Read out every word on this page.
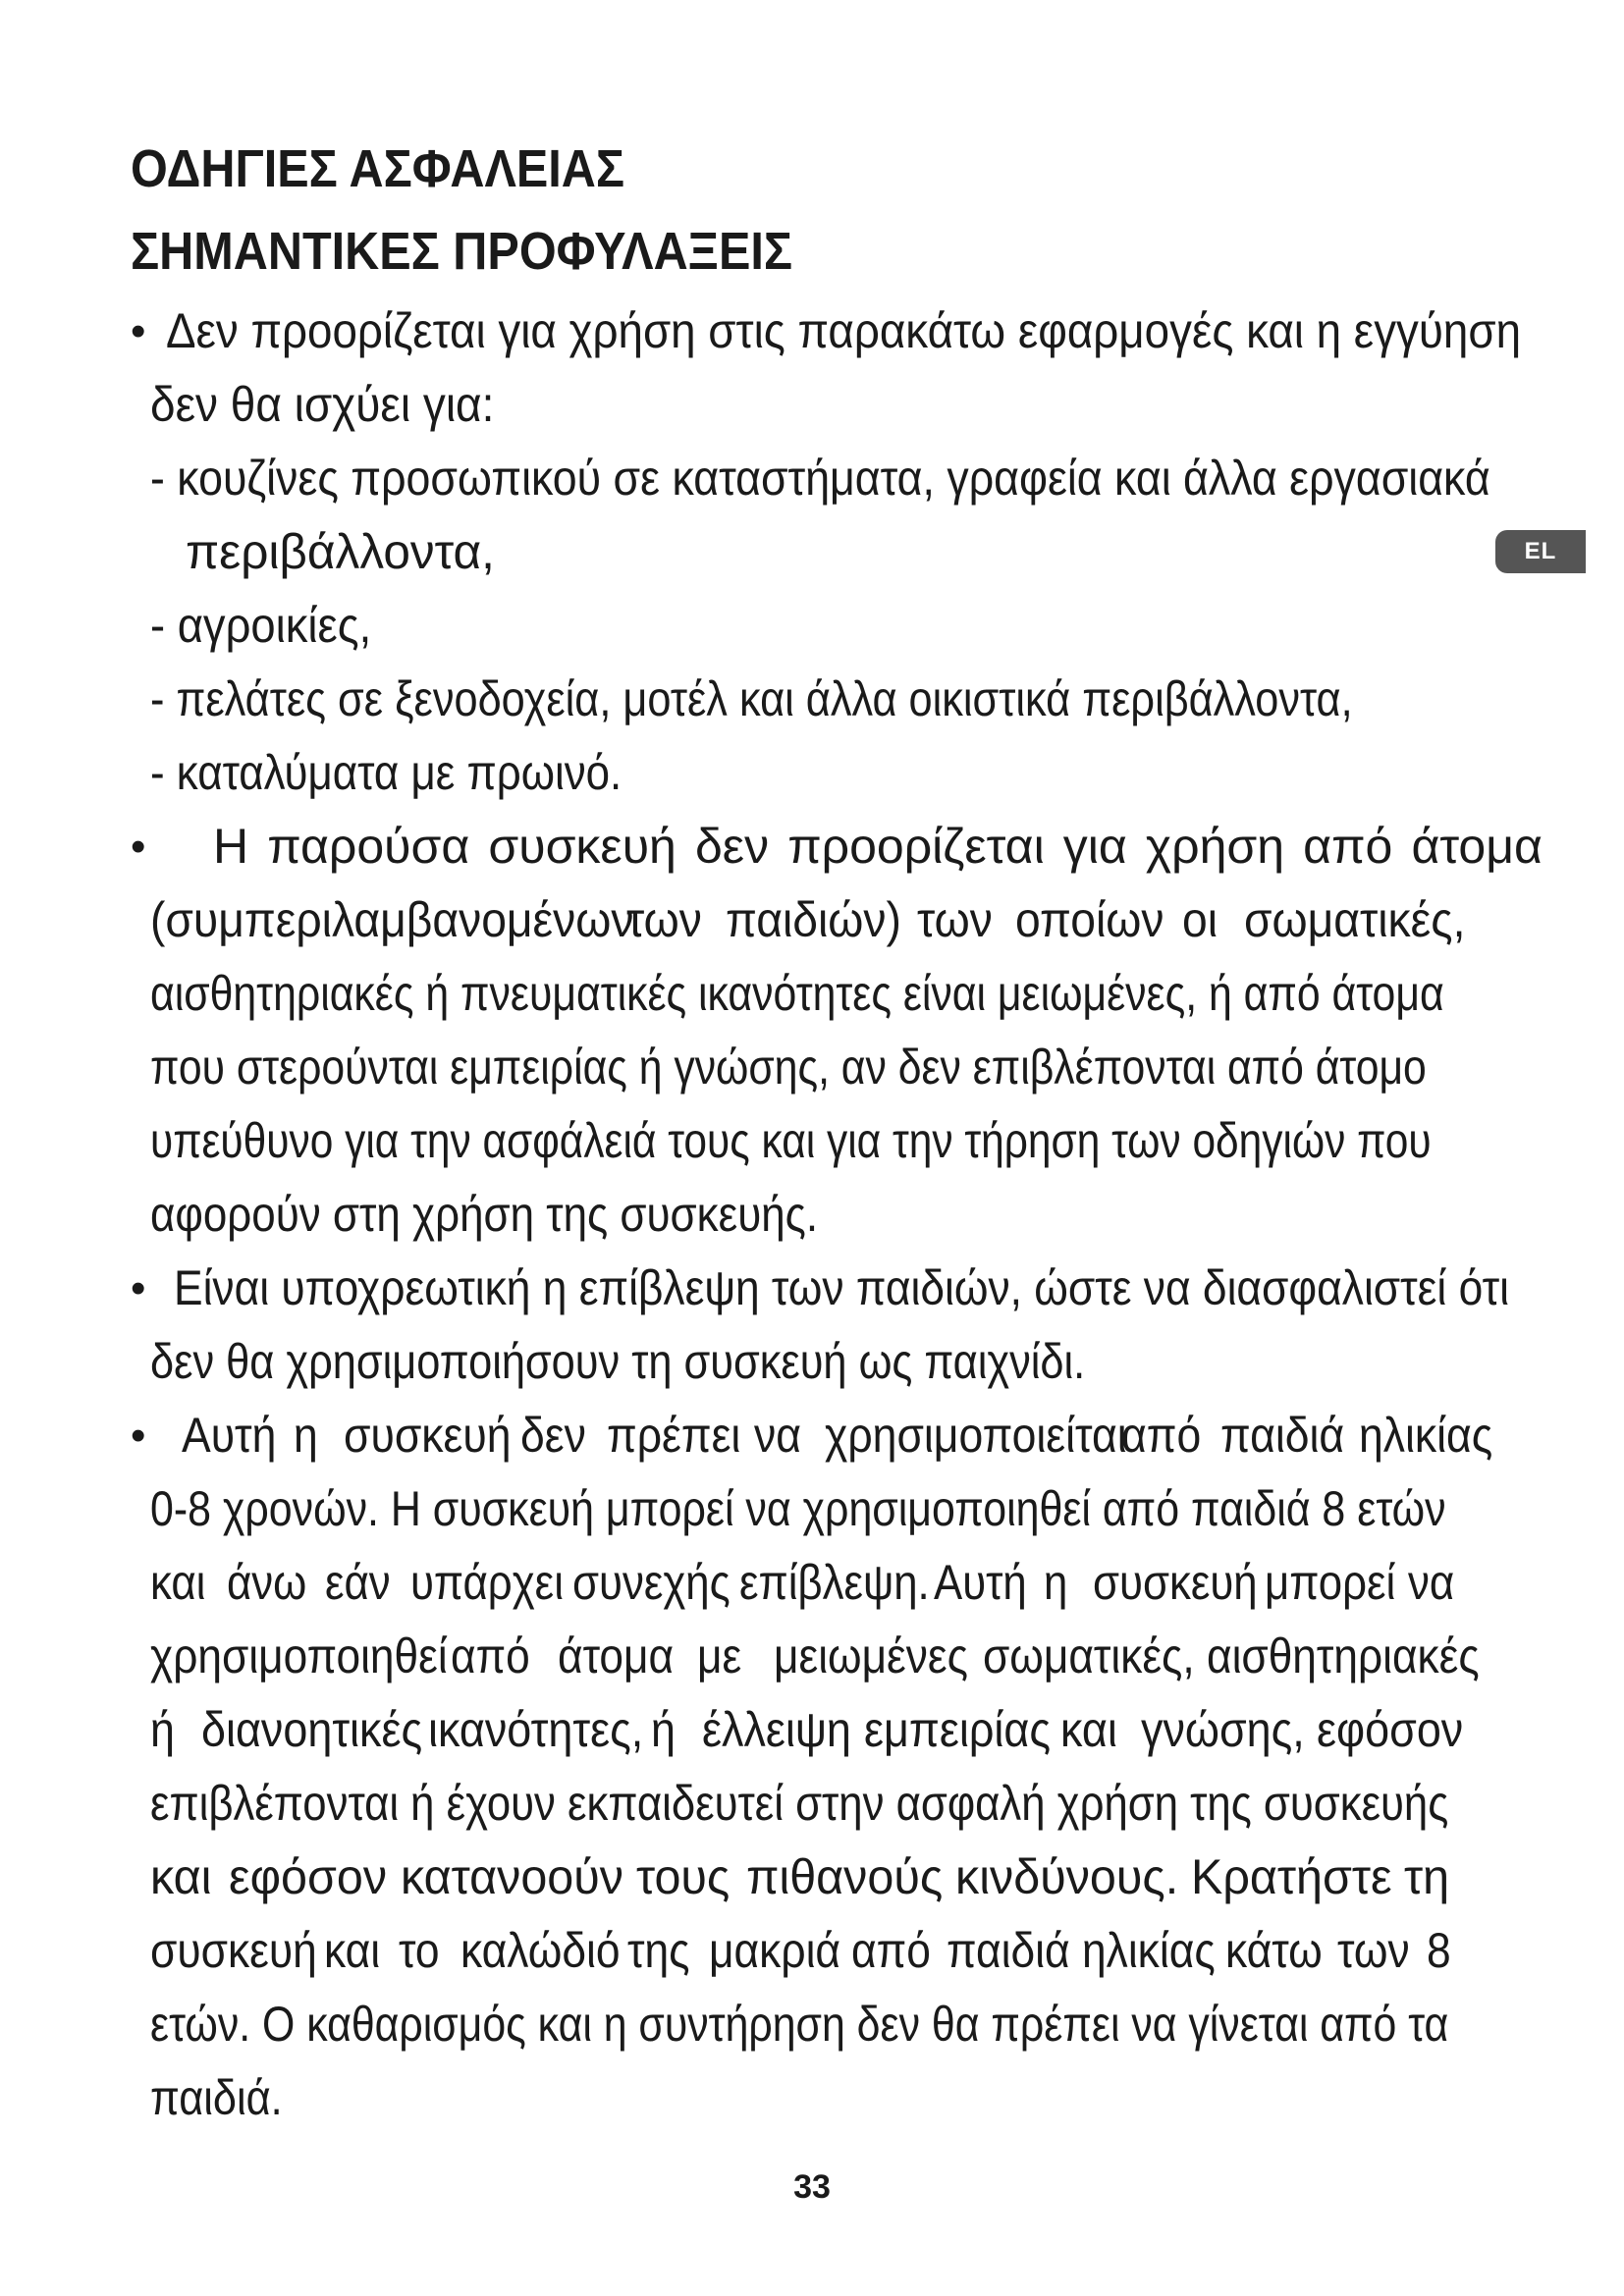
ΟΔΗΓΙΕΣ ΑΣΦΑΛΕΙΑΣ
ΣΗΜΑΝΤΙΚΕΣ ΠΡΟΦΥΛΑΞΕΙΣ
EL
• Δεν προορίζεται για χρήση στις παρακάτω εφαρμογές και η εγγύηση
δεν θα ισχύει για:
- κουζίνες προσωπικού σε καταστήματα, γραφεία και άλλα εργασιακά
περιβάλλοντα,
- αγροικίες,
- πελάτες σε ξενοδοχεία, μοτέλ και άλλα οικιστικά περιβάλλοντα,
- καταλύματα με πρωινό.
• Η παρούσα συσκευή δεν προορίζεται για χρήση από άτομα
(συμπεριλαμβανομένων
των παιδιών) των οποίων οι σωματικές,
αισθητηριακές ή πνευματικές ικανότητες είναι μειωμένες, ή από άτομα
που στερούνται εμπειρίας ή γνώσης, αν δεν επιβλέπονται από άτομο
υπεύθυνο για την ασφάλειά τους και για την τήρηση των οδηγιών που
αφορούν στη χρήση της συσκευής.
• Είναι υποχρεωτική η επίβλεψη των παιδιών, ώστε να διασφαλιστεί ότι
δεν θα χρησιμοποιήσουν τη συσκευή ως παιχνίδι.
• Αυτή η συσκευή δεν πρέπει να χρησιμοποιείται
από παιδιά ηλικίας
0-8 χρονών. Η συσκευή μπορεί να χρησιμοποιηθεί από παιδιά 8 ετών
και άνω εάν υπάρχει συνεχής επίβλεψη. Αυτή η συσκευή μπορεί να
χρησιμοποιηθεί από άτομα με μειωμένες σωματικές, αισθητηριακές
ή διανοητικές ικανότητες, ή έλλειψη εμπειρίας και γνώσης, εφόσον
επιβλέπονται ή έχουν εκπαιδευτεί στην ασφαλή χρήση της συσκευής
και εφόσον κατανοούν τους πιθανούς κινδύνους. Κρατήστε τη
συσκευή και το καλώδιό της μακριά από παιδιά ηλικίας κάτω των 8
ετών. Ο καθαρισμός και η συντήρηση δεν θα πρέπει να γίνεται από τα
παιδιά.
33
